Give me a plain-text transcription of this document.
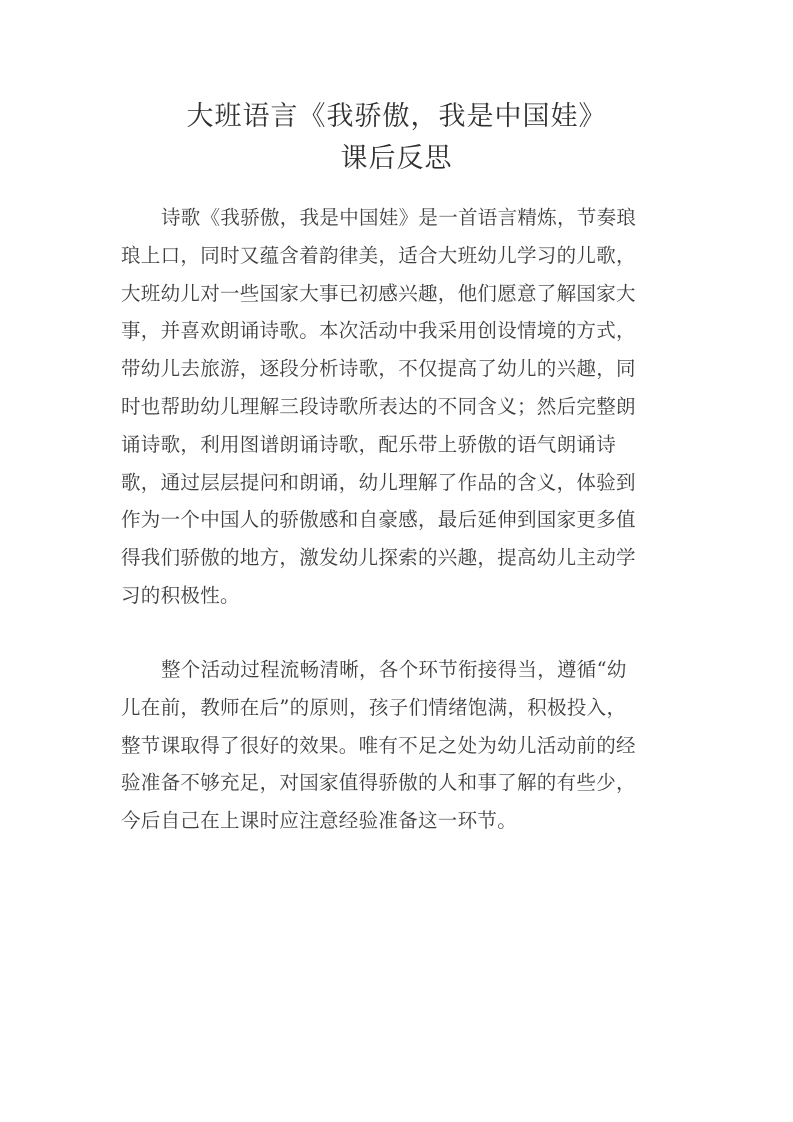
大班语言《我骄傲，我是中国娃》
课后反思
诗歌《我骄傲，我是中国娃》是一首语言精炼，节奏琅
琅上口，同时又蕴含着韵律美，适合大班幼儿学习的儿歌，
大班幼儿对一些国家大事已初感兴趣，他们愿意了解国家大
事，并喜欢朗诵诗歌。本次活动中我采用创设情境的方式，
带幼儿去旅游，逐段分析诗歌，不仅提高了幼儿的兴趣，同
时也帮助幼儿理解三段诗歌所表达的不同含义；然后完整朗
诵诗歌，利用图谱朗诵诗歌，配乐带上骄傲的语气朗诵诗
歌，通过层层提问和朗诵，幼儿理解了作品的含义，体验到
作为一个中国人的骄傲感和自豪感，最后延伸到国家更多值
得我们骄傲的地方，激发幼儿探索的兴趣，提高幼儿主动学
习的积极性。
整个活动过程流畅清晰，各个环节衔接得当，遵循“幼
儿在前，教师在后”的原则，孩子们情绪饱满，积极投入，
整节课取得了很好的效果。唯有不足之处为幼儿活动前的经
验准备不够充足，对国家值得骄傲的人和事了解的有些少，
今后自己在上课时应注意经验准备这一环节。
